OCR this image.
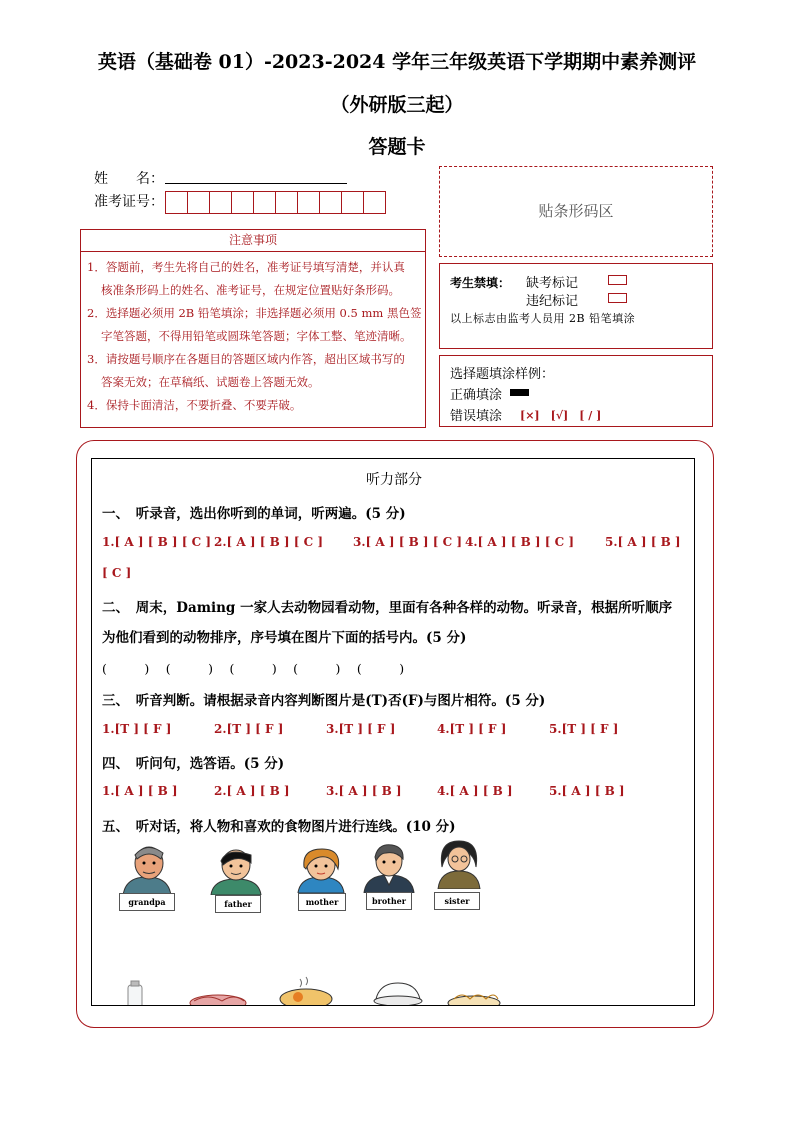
英语（基础卷 01）-2023-2024 学年三年级英语下学期期中素养测评
（外研版三起）
答题卡
姓　　名：
准考证号：	贴条形码区
注意事项
1．答题前，考生先将自己的姓名，准考证号填写清楚，并认真
核准条形码上的姓名、准考证号，在规定位置贴好条形码。
2．选择题必须用 2B 铅笔填涂；非选择题必须用 0.5 mm 黑色签
字笔答题，不得用铅笔或圆珠笔答题；字体工整、笔迹清晰。
3．请按题号顺序在各题目的答题区域内作答，超出区域书写的
答案无效；在草稿纸、试题卷上答题无效。
4．保持卡面清洁，不要折叠、不要弄破。
考生禁填： 缺考标记
违纪标记
以上标志由监考人员用 2B 铅笔填涂
选择题填涂样例：
正确填涂
错误填涂 [×]　[√]　[ / ]
听力部分
一、　听录音，选出你听到的单词，听两遍。(5 分)
1.[ A ] [ B ] [ C ] 2.[ A ] [ B ] [ C ] 3.[ A ] [ B ] [ C ] 4.[ A ] [ B ] [ C ]	5.[ A ] [ B ]
[ C ]
二、　周末，Daming 一家人去动物园看动物，里面有各种各样的动物。听录音，根据所听顺序
为他们看到的动物排序，序号填在图片下面的括号内。(5 分)
(　　　)　 (　　　)　 (　　　)　 (　　　)　 (　　　)
三、　听音判断。请根据录音内容判断图片是(T)否(F)与图片相符。(5 分)
1.[T ] [ F ]	2.[T ] [ F ]	3.[T ] [ F ]	4.[T ] [ F ]	5.[T ] [ F ]
四、　听问句，选答语。(5 分)
1.[ A ] [ B ]	2.[ A ] [ B ]	3.[ A ] [ B ]	4.[ A ] [ B ]	5.[ A ] [ B ]
五、　听对话，将人物和喜欢的食物图片进行连线。(10 分)
grandpa	father	mother	brother	sister
